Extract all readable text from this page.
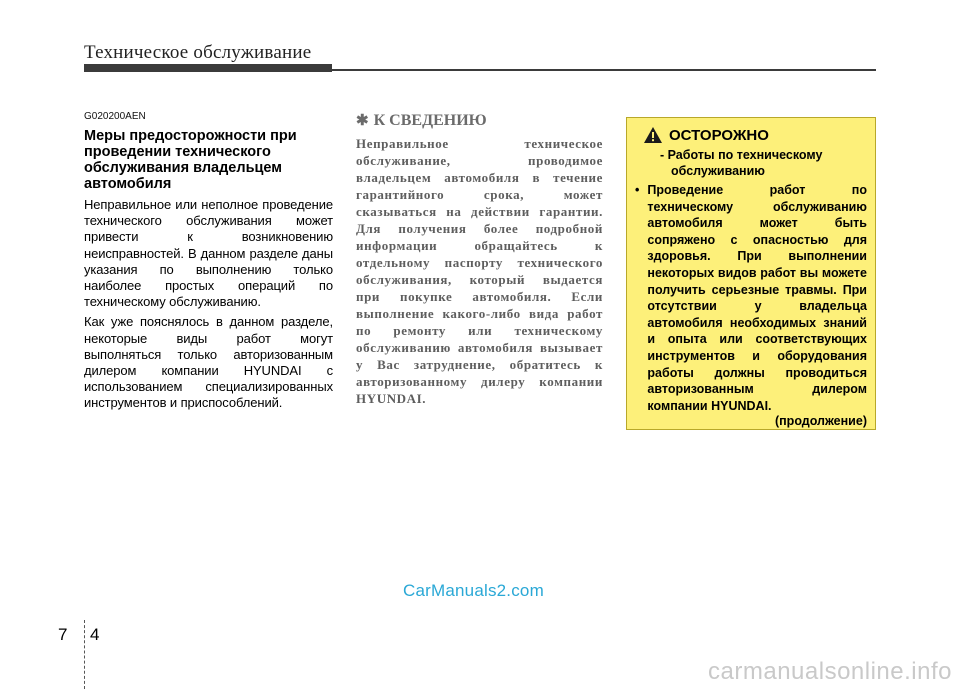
Техническое обслуживание
G020200AEN
Меры предосторожности при проведении технического обслуживания владельцем автомобиля

Неправильное или неполное проведение технического обслуживания может привести к возникновению неисправностей. В данном разделе даны указания по выполнению только наиболее простых операций по техническому обслуживанию.

Как уже пояснялось в данном разделе, некоторые виды работ могут выполняться только авторизованным дилером компании HYUNDAI с использованием специализированных инструментов и приспособлений.

✱ К СВЕДЕНИЮ

Неправильное техническое обслуживание, проводимое владельцем автомобиля в течение гарантийного срока, может сказываться на действии гарантии. Для получения более подробной информации обращайтесь к отдельному паспорту технического обслуживания, который выдается при покупке автомобиля. Если выполнение какого-либо вида работ по ремонту или техническому обслуживанию автомобиля вызывает у Вас затруднение, обратитесь к авторизованному дилеру компании HYUNDAI.

ОСТОРОЖНО
- Работы по техническому обслуживанию
• Проведение работ по техническому обслуживанию автомобиля может быть сопряжено с опасностью для здоровья. При выполнении некоторых видов работ вы можете получить серьезные травмы. При отсутствии у владельца автомобиля необходимых знаний и опыта или соответствующих инструментов и оборудования работы должны проводиться авторизованным дилером компании HYUNDAI.
(продолжение)
CarManuals2.com
7 4
carmanualsonline.info
